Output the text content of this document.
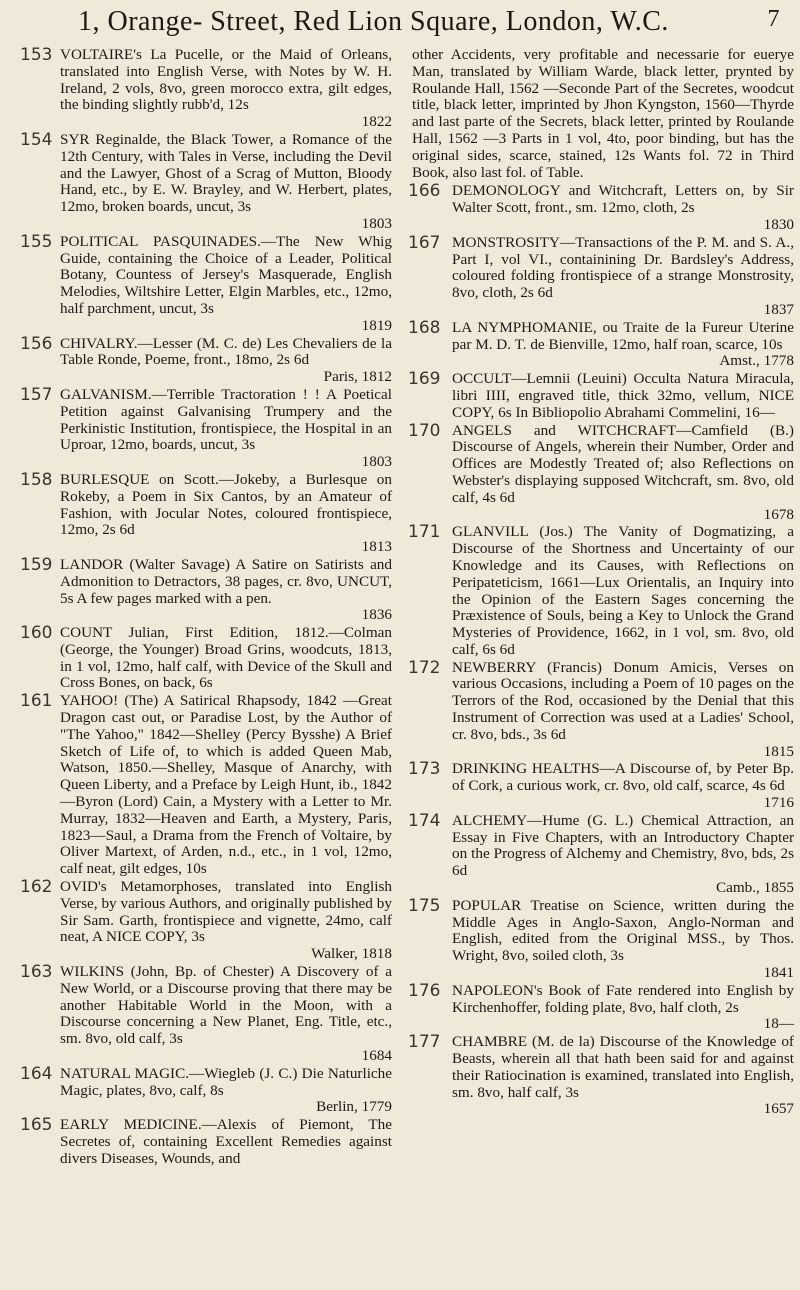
1, Orange- Street, Red Lion Square, London, W.C.	7
153 VOLTAIRE's La Pucelle, or the Maid of Orleans, translated into English Verse, with Notes by W. H. Ireland, 2 vols, 8vo, green morocco extra, gilt edges, the binding slightly rubb'd, 12s
1822
154 SYR Reginalde, the Black Tower, a Romance of the 12th Century, with Tales in Verse, including the Devil and the Lawyer, Ghost of a Scrag of Mutton, Bloody Hand, etc., by E. W. Brayley, and W. Herbert, plates, 12mo, broken boards, uncut, 3s
1803
155 POLITICAL PASQUINADES.—The New Whig Guide, containing the Choice of a Leader, Political Botany, Countess of Jersey's Masquerade, English Melodies, Wiltshire Letter, Elgin Marbles, etc., 12mo, half parchment, uncut, 3s
1819
156 CHIVALRY.—Lesser (M. C. de) Les Chevaliers de la Table Ronde, Poeme, front., 18mo, 2s 6d
Paris, 1812
157 GALVANISM.—Terrible Tractoration ! ! A Poetical Petition against Galvanising Trumpery and the Perkinistic Institution, frontispiece, the Hospital in an Uproar, 12mo, boards, uncut, 3s
1803
158 BURLESQUE on Scott.—Jokeby, a Burlesque on Rokeby, a Poem in Six Cantos, by an Amateur of Fashion, with Jocular Notes, coloured frontispiece, 12mo, 2s 6d
1813
159 LANDOR (Walter Savage) A Satire on Satirists and Admonition to Detractors, 38 pages, cr. 8vo, UNCUT, 5s A few pages marked with a pen.
1836
160 COUNT Julian, First Edition, 1812.—Colman (George, the Younger) Broad Grins, woodcuts, 1813, in 1 vol, 12mo, half calf, with Device of the Skull and Cross Bones, on back, 6s
161 YAHOO! (The) A Satirical Rhapsody, 1842 —Great Dragon cast out, or Paradise Lost, by the Author of "The Yahoo," 1842—Shelley (Percy Bysshe) A Brief Sketch of Life of, to which is added Queen Mab, Watson, 1850.—Shelley, Masque of Anarchy, with Queen Liberty, and a Preface by Leigh Hunt, ib., 1842—Byron (Lord) Cain, a Mystery with a Letter to Mr. Murray, 1832—Heaven and Earth, a Mystery, Paris, 1823—Saul, a Drama from the French of Voltaire, by Oliver Martext, of Arden, n.d., etc., in 1 vol, 12mo, calf neat, gilt edges, 10s
162 OVID's Metamorphoses, translated into English Verse, by various Authors, and originally published by Sir Sam. Garth, frontispiece and vignette, 24mo, calf neat, A NICE COPY, 3s
Walker, 1818
163 WILKINS (John, Bp. of Chester) A Discovery of a New World, or a Discourse proving that there may be another Habitable World in the Moon, with a Discourse concerning a New Planet, Eng. Title, etc., sm. 8vo, old calf, 3s
1684
164 NATURAL MAGIC.—Wiegleb (J. C.) Die Naturliche Magic, plates, 8vo, calf, 8s
Berlin, 1779
165 EARLY MEDICINE.—Alexis of Piemont, The Secretes of, containing Excellent Remedies against divers Diseases, Wounds, and
other Accidents, very profitable and necessarie for euerye Man, translated by William Warde, black letter, prynted by Roulande Hall, 1562 —Seconde Part of the Secretes, woodcut title, black letter, imprinted by Jhon Kyngston, 1560—Thyrde and last parte of the Secrets, black letter, printed by Roulande Hall, 1562 —3 Parts in 1 vol, 4to, poor binding, but has the original sides, scarce, stained, 12s Wants fol. 72 in Third Book, also last fol. of Table.
166 DEMONOLOGY and Witchcraft, Letters on, by Sir Walter Scott, front., sm. 12mo, cloth, 2s
1830
167 MONSTROSITY—Transactions of the P. M. and S. A., Part I, vol VI., containining Dr. Bardsley's Address, coloured folding frontispiece of a strange Monstrosity, 8vo, cloth, 2s 6d
1837
168 LA NYMPHOMANIE, ou Traite de la Fureur Uterine par M. D. T. de Bienville, 12mo, half roan, scarce, 10s
Amst., 1778
169 OCCULT—Lemnii (Leuini) Occulta Natura Miracula, libri IIII, engraved title, thick 32mo, vellum, NICE COPY, 6s In Bibliopolio Abrahami Commelini, 16—
170 ANGELS and WITCHCRAFT—Camfield (B.) Discourse of Angels, wherein their Number, Order and Offices are Modestly Treated of; also Reflections on Webster's displaying supposed Witchcraft, sm. 8vo, old calf, 4s 6d
1678
171 GLANVILL (Jos.) The Vanity of Dogmatizing, a Discourse of the Shortness and Uncertainty of our Knowledge and its Causes, with Reflections on Peripateticism, 1661—Lux Orientalis, an Inquiry into the Opinion of the Eastern Sages concerning the Præxistence of Souls, being a Key to Unlock the Grand Mysteries of Providence, 1662, in 1 vol, sm. 8vo, old calf, 6s 6d
172 NEWBERRY (Francis) Donum Amicis, Verses on various Occasions, including a Poem of 10 pages on the Terrors of the Rod, occasioned by the Denial that this Instrument of Correction was used at a Ladies' School, cr. 8vo, bds., 3s 6d
1815
173 DRINKING HEALTHS—A Discourse of, by Peter Bp. of Cork, a curious work, cr. 8vo, old calf, scarce, 4s 6d
1716
174 ALCHEMY—Hume (G. L.) Chemical Attraction, an Essay in Five Chapters, with an Introductory Chapter on the Progress of Alchemy and Chemistry, 8vo, bds, 2s 6d
Camb., 1855
175 POPULAR Treatise on Science, written during the Middle Ages in Anglo-Saxon, Anglo-Norman and English, edited from the Original MSS., by Thos. Wright, 8vo, soiled cloth, 3s
1841
176 NAPOLEON's Book of Fate rendered into English by Kirchenhoffer, folding plate, 8vo, half cloth, 2s
18—
177 CHAMBRE (M. de la) Discourse of the Knowledge of Beasts, wherein all that hath been said for and against their Ratiocination is examined, translated into English, sm. 8vo, half calf, 3s
1657
